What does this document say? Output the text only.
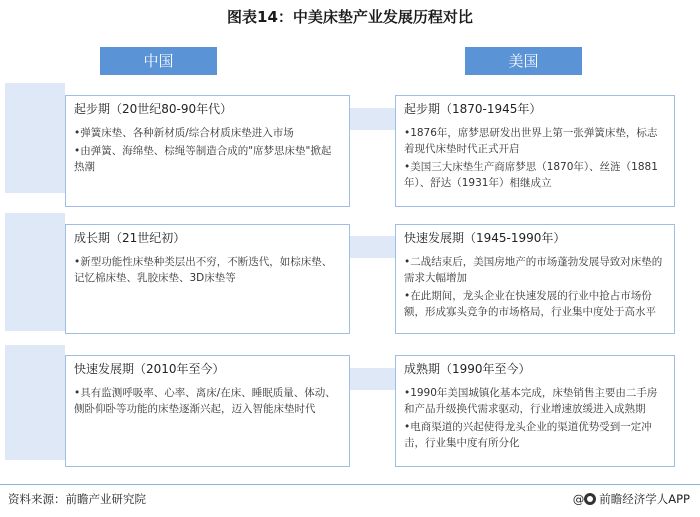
图表14：中美床垫产业发展历程对比
中国	美国
起步期（20世纪80-90年代）
•弹簧床垫、各种新材质/综合材质床垫进入市场
•由弹簧、海绵垫、棕绳等制造合成的"席梦思床垫"掀起热潮
起步期（1870-1945年）
•1876年，席梦思研发出世界上第一张弹簧床垫，标志着现代床垫时代正式开启
•美国三大床垫生产商席梦思（1870年）、丝涟（1881年）、舒达（1931年）相继成立
成长期（21世纪初）
•新型功能性床垫种类层出不穷，不断迭代，如棕床垫、记忆棉床垫、乳胶床垫、3D床垫等
快速发展期（1945-1990年）
•二战结束后，美国房地产的市场蓬勃发展导致对床垫的需求大幅增加
•在此期间，龙头企业在快速发展的行业中抢占市场份额，形成寡头竞争的市场格局，行业集中度处于高水平
快速发展期（2010年至今）
•具有监测呼吸率、心率、离床/在床、睡眠质量、体动、侧卧仰卧等功能的床垫逐渐兴起，迈入智能床垫时代
成熟期（1990年至今）
•1990年美国城镇化基本完成，床垫销售主要由二手房和产品升级换代需求驱动，行业增速放缓进入成熟期
•电商渠道的兴起使得龙头企业的渠道优势受到一定冲击，行业集中度有所分化
资料来源：前瞻产业研究院	@ 前瞻经济学人APP
